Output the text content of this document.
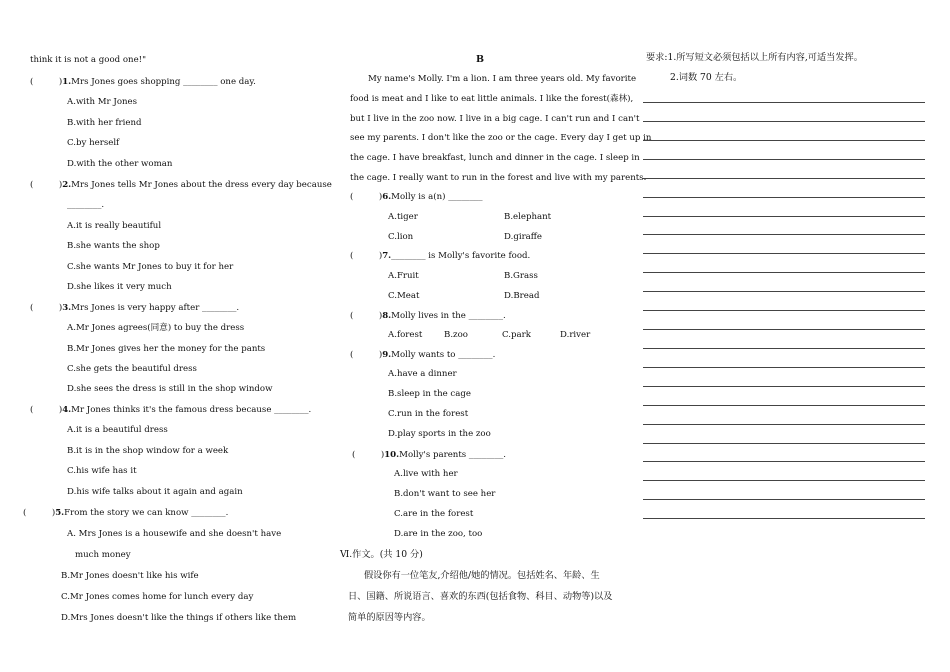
think it is not a good one!"
(	)1.Mrs Jones goes shopping ________ one day.
A.with Mr Jones
B.with her friend
C.by herself
D.with the other woman
(	)2.Mrs Jones tells Mr Jones about the dress every day because
________.
A.it is really beautiful
B.she wants the shop
C.she wants Mr Jones to buy it for her
D.she likes it very much
(	)3.Mrs Jones is very happy after ________.
A.Mr Jones agrees(同意) to buy the dress
B.Mr Jones gives her the money for the pants
C.she gets the beautiful dress
D.she sees the dress is still in the shop window
(	)4.Mr Jones thinks it's the famous dress because ________.
A.it is a beautiful dress
B.it is in the shop window for a week
C.his wife has it
D.his wife talks about it again and again
(	)5.From the story we can know ________.
A. Mrs Jones is a housewife and she doesn't have
much money
B.Mr Jones doesn't like his wife
C.Mr Jones comes home for lunch every day
D.Mrs Jones doesn't like the things if others like them
B
My name's Molly. I'm a lion. I am three years old. My favorite
food is meat and I like to eat little animals. I like the forest(森林),
but I live in the zoo now. I live in a big cage. I can't run and I can't
see my parents. I don't like the zoo or the cage. Every day I get up in
the cage. I have breakfast, lunch and dinner in the cage. I sleep in
the cage. I really want to run in the forest and live with my parents.
(	)6.Molly is a(n) ________
A.tiger	B.elephant
C.lion	D.giraffe
(	)7.________ is Molly's favorite food.
A.Fruit	B.Grass
C.Meat	D.Bread
(	)8.Molly lives in the ________.
A.forest	B.zoo	C.park	D.river
(	)9.Molly wants to ________.
A.have a dinner
B.sleep in the cage
C.run in the forest
D.play sports in the zoo
(	)10.Molly's parents ________.
A.live with her
B.don't want to see her
C.are in the forest
D.are in the zoo, too
Ⅵ.作文。(共 10 分)
假设你有一位笔友,介绍他/她的情况。包括姓名、年龄、生
日、国籍、所说语言、喜欢的东西(包括食物、科目、动物等)以及
简单的原因等内容。
要求:1.所写短文必须包括以上所有内容,可适当发挥。
2.词数 70 左右。
